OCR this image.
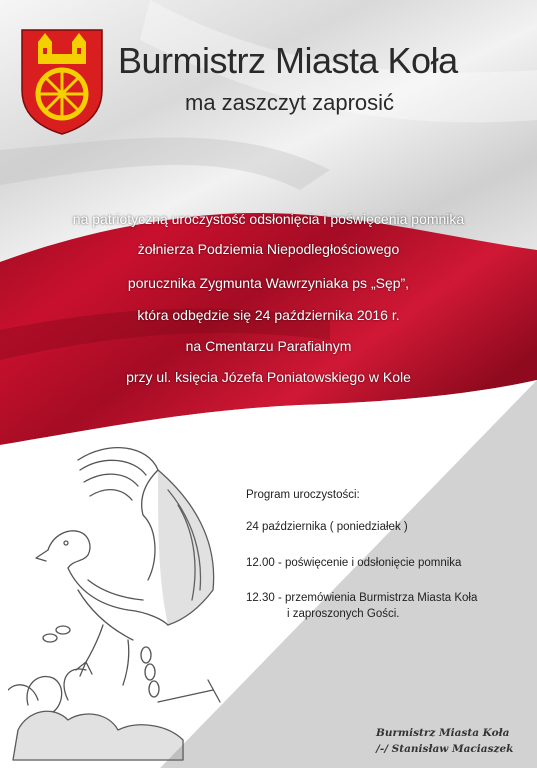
Burmistrz Miasta Koła
ma zaszczyt zaprosić
na patriotyczną uroczystość odsłonięcia i poświęcenia pomnika
żołnierza Podziemia Niepodległościowego
porucznika Zygmunta Wawrzyniaka ps „Sęp”,
która odbędzie się 24 października 2016 r.
na Cmentarzu Parafialnym
przy ul. księcia Józefa Poniatowskiego w Kole
Program uroczystości:
24 października ( poniedziałek )
12.00 - poświęcenie i odsłonięcie pomnika
12.30 - przemówienia Burmistrza Miasta Koła
i zaproszonych Gości.
Burmistrz Miasta Koła
/-/ Stanisław Maciaszek
